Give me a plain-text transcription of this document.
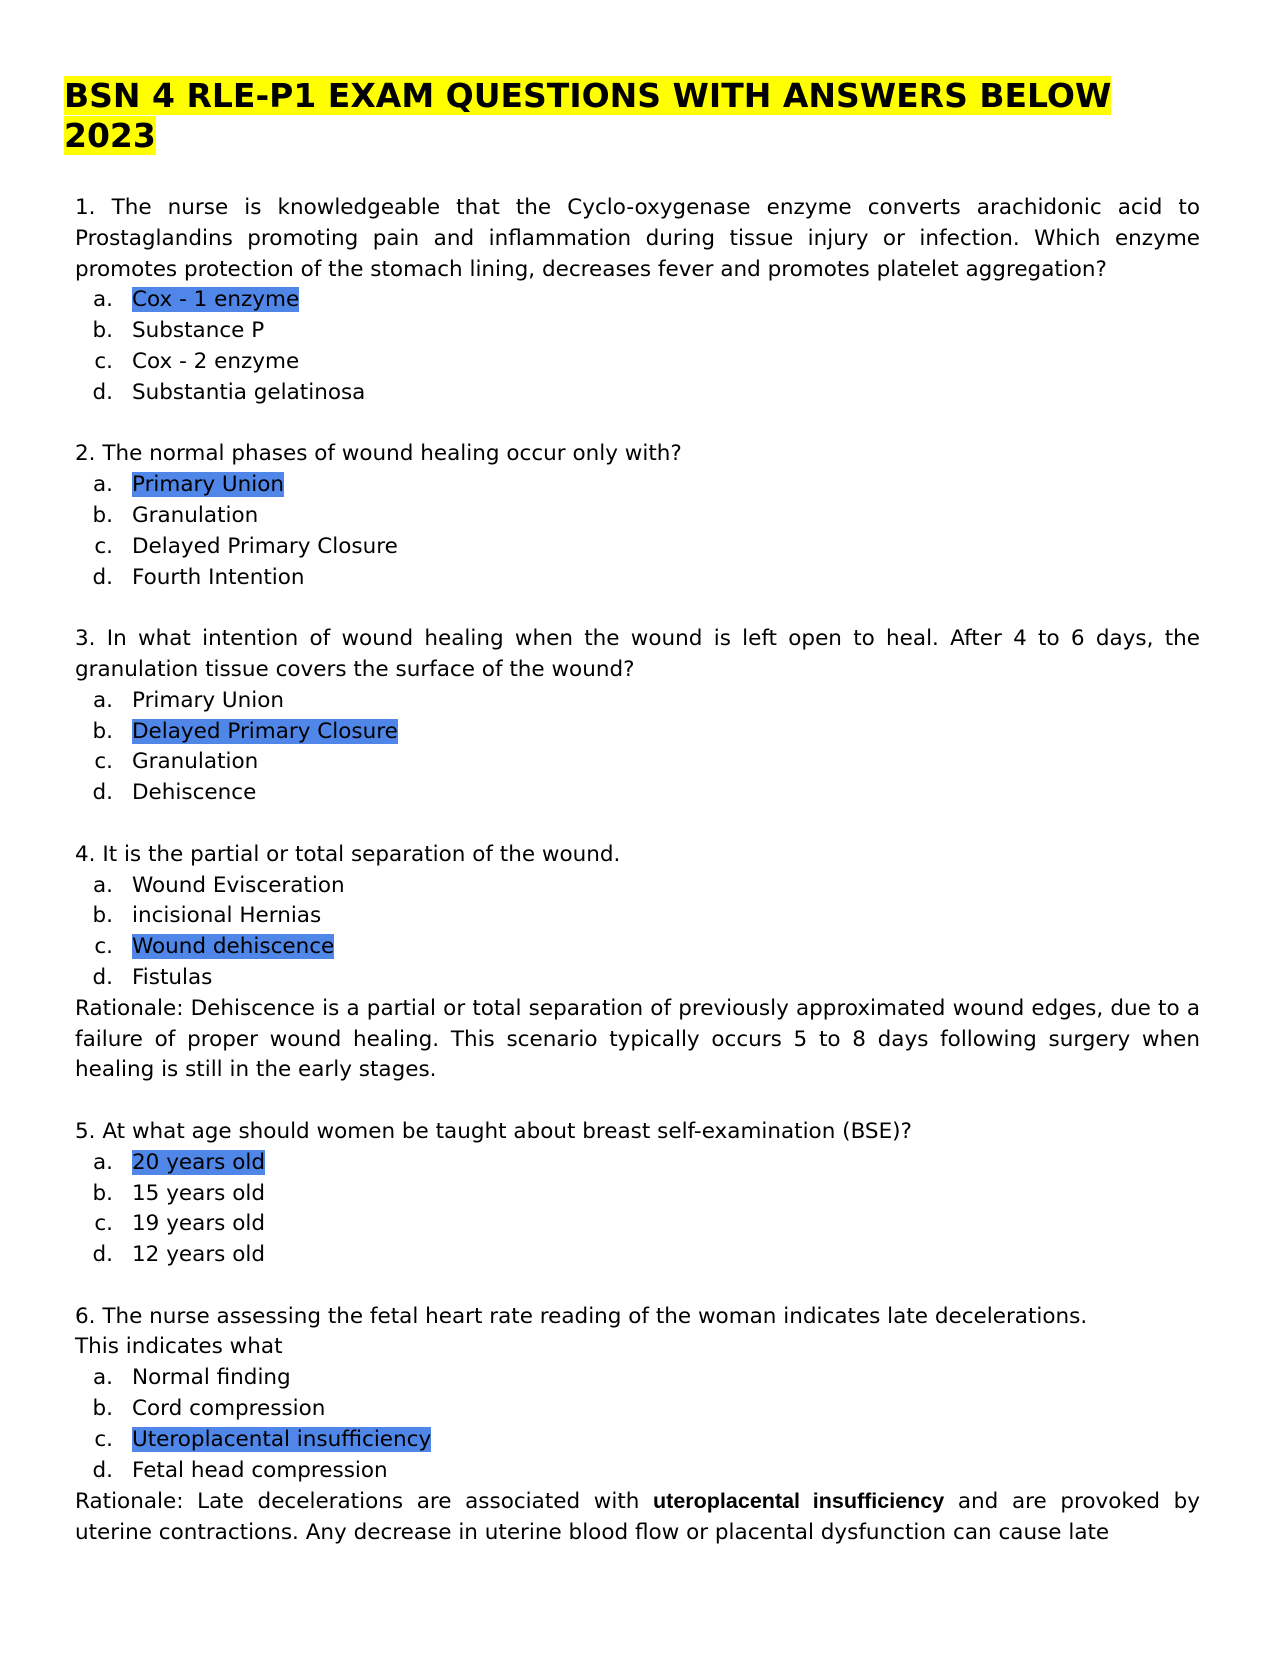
BSN 4 RLE-P1 EXAM QUESTIONS WITH ANSWERS BELOW 2023

1. The nurse is knowledgeable that the Cyclo-oxygenase enzyme converts arachidonic acid to Prostaglandins promoting pain and inflammation during tissue injury or infection. Which enzyme promotes protection of the stomach lining, decreases fever and promotes platelet aggregation?

a. Cox - 1 enzyme
b. Substance P
c. Cox - 2 enzyme
d. Substantia gelatinosa

2. The normal phases of wound healing occur only with?

a. Primary Union
b. Granulation
c. Delayed Primary Closure
d. Fourth Intention

3. In what intention of wound healing when the wound is left open to heal. After 4 to 6 days, the granulation tissue covers the surface of the wound?

a. Primary Union
b. Delayed Primary Closure
c. Granulation
d. Dehiscence

4. It is the partial or total separation of the wound.

a. Wound Evisceration
b. incisional Hernias
c. Wound dehiscence
d. Fistulas

Rationale: Dehiscence is a partial or total separation of previously approximated wound edges, due to a failure of proper wound healing. This scenario typically occurs 5 to 8 days following surgery when healing is still in the early stages.

5. At what age should women be taught about breast self-examination (BSE)?

a. 20 years old
b. 15 years old
c. 19 years old
d. 12 years old

6. The nurse assessing the fetal heart rate reading of the woman indicates late decelerations.

This indicates what

a. Normal finding
b. Cord compression
c. Uteroplacental insufficiency
d. Fetal head compression

Rationale: Late decelerations are associated with uteroplacental insufficiency and are provoked by uterine contractions. Any decrease in uterine blood flow or placental dysfunction can cause late
